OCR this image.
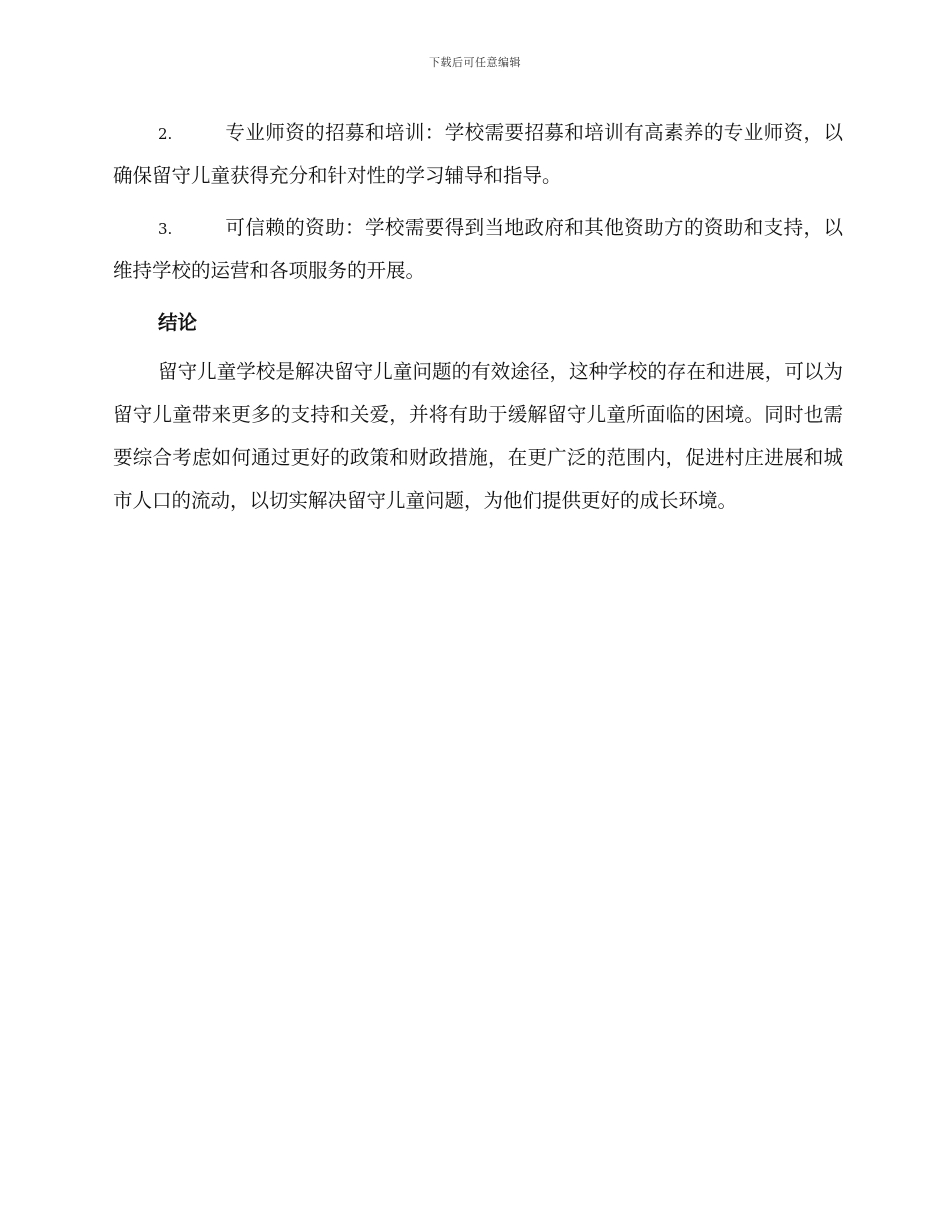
下载后可任意编辑

2.	专业师资的招募和培训：学校需要招募和培训有高素养的专业师资，以确保留守儿童获得充分和针对性的学习辅导和指导。

3.	可信赖的资助：学校需要得到当地政府和其他资助方的资助和支持，以维持学校的运营和各项服务的开展。

结论

留守儿童学校是解决留守儿童问题的有效途径，这种学校的存在和进展，可以为留守儿童带来更多的支持和关爱，并将有助于缓解留守儿童所面临的困境。同时也需要综合考虑如何通过更好的政策和财政措施，在更广泛的范围内，促进村庄进展和城市人口的流动，以切实解决留守儿童问题，为他们提供更好的成长环境。
